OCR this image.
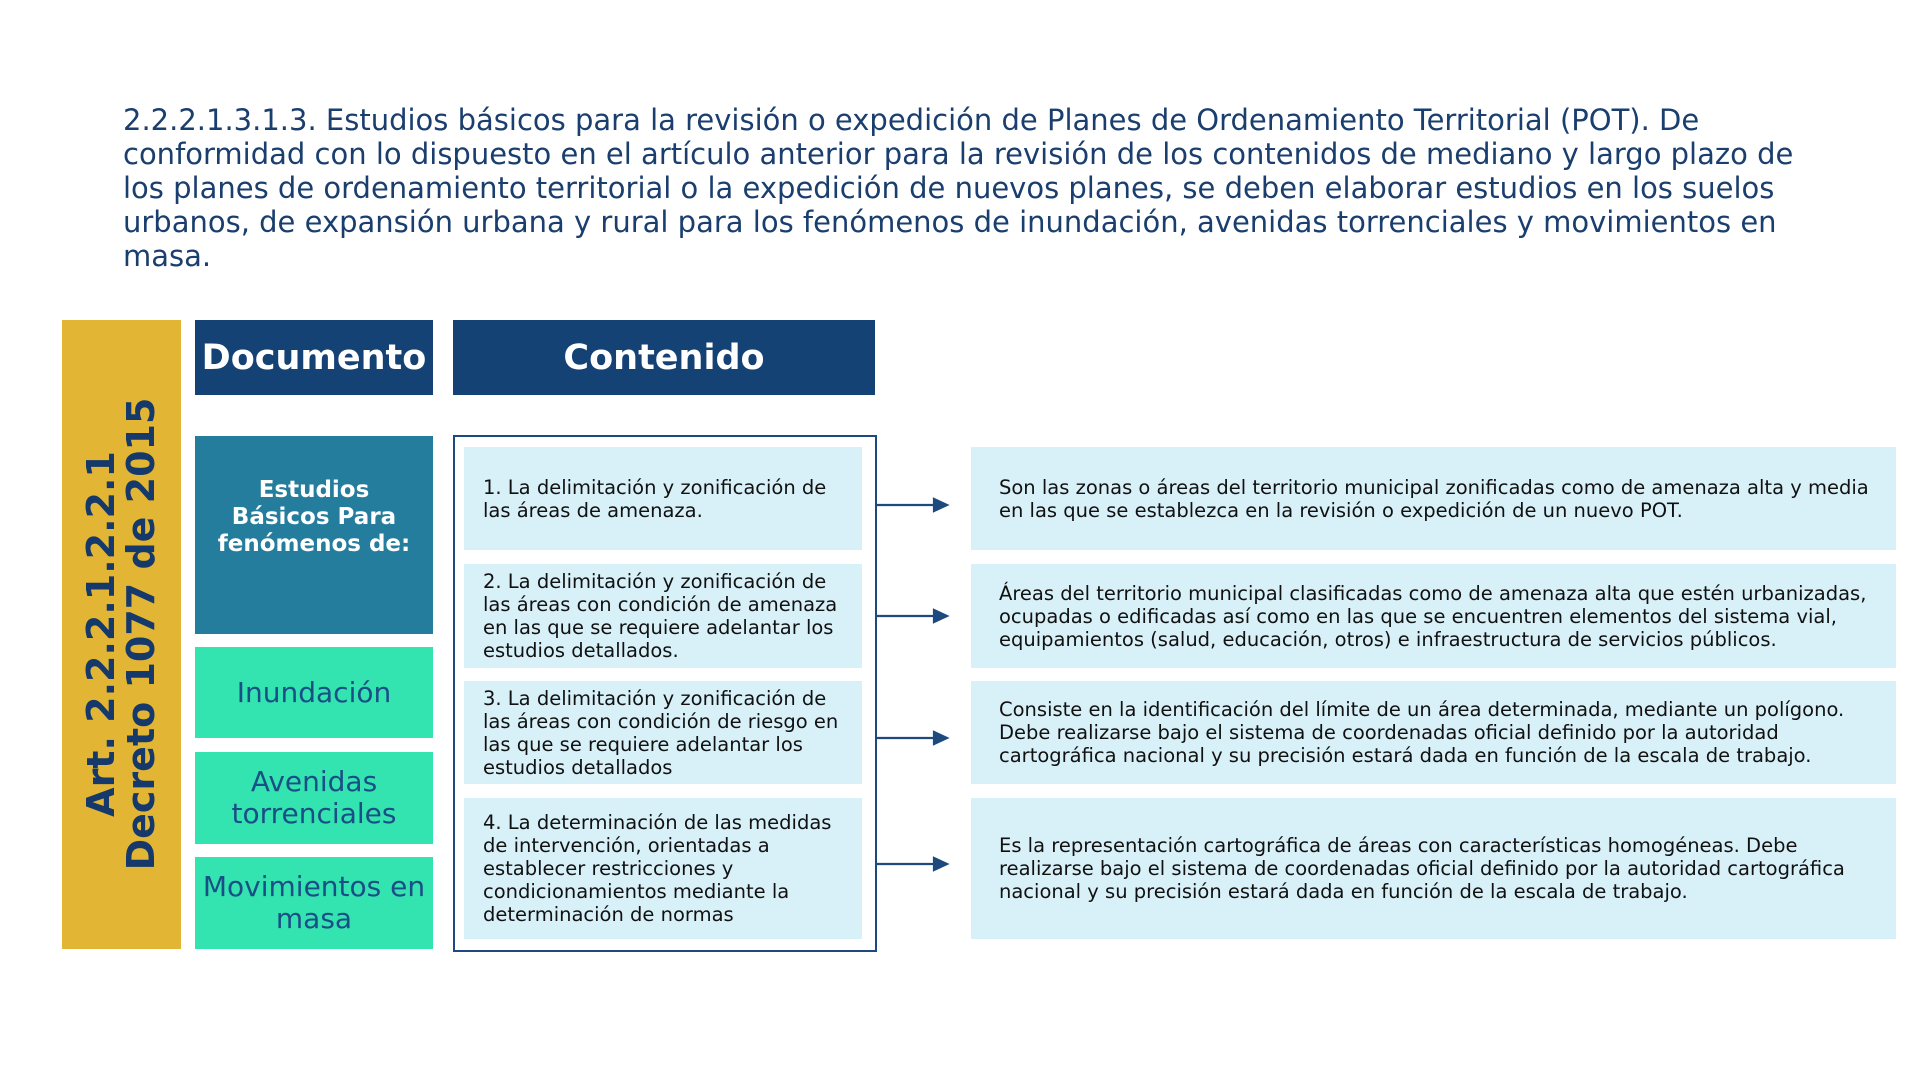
2.2.2.1.3.1.3. Estudios básicos para la revisión o expedición de Planes de Ordenamiento Territorial (POT). De conformidad con lo dispuesto en el artículo anterior para la revisión de los contenidos de mediano y largo plazo de los planes de ordenamiento territorial o la expedición de nuevos planes, se deben elaborar estudios en los suelos urbanos, de expansión urbana y rural para los fenómenos de inundación, avenidas torrenciales y movimientos en masa.

Art. 2.2.2.1.2.2.1
Decreto 1077 de 2015
Documento	Contenido
Estudios Básicos Para fenómenos de:
Inundación
Avenidas torrenciales
Movimientos en masa
1. La delimitación y zonificación de las áreas de amenaza.
2. La delimitación y zonificación de las áreas con condición de amenaza en las que se requiere adelantar los estudios detallados.
3. La delimitación y zonificación de las áreas con condición de riesgo en las que se requiere adelantar los estudios detallados
4. La determinación de las medidas de intervención, orientadas a establecer restricciones y condicionamientos mediante la determinación de normas
Son las zonas o áreas del territorio municipal zonificadas como de amenaza alta y media en las que se establezca en la revisión o expedición de un nuevo POT.
Áreas del territorio municipal clasificadas como de amenaza alta que estén urbanizadas, ocupadas o edificadas así como en las que se encuentren elementos del sistema vial, equipamientos (salud, educación, otros) e infraestructura de servicios públicos.
Consiste en la identificación del límite de un área determinada, mediante un polígono. Debe realizarse bajo el sistema de coordenadas oficial definido por la autoridad cartográfica nacional y su precisión estará dada en función de la escala de trabajo.
Es la representación cartográfica de áreas con características homogéneas. Debe realizarse bajo el sistema de coordenadas oficial definido por la autoridad cartográfica nacional y su precisión estará dada en función de la escala de trabajo.
